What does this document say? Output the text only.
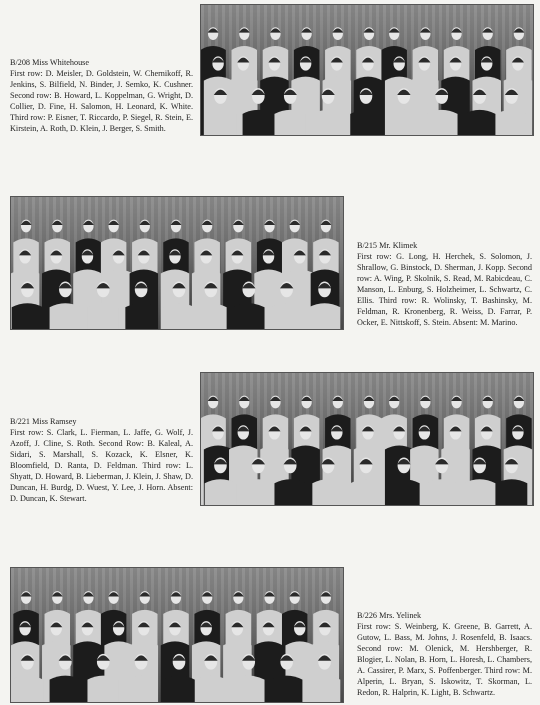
B/208 Miss Whitehouse
First row: D. Meisler, D. Goldstein, W. Chernikoff, R. Jenkins, S. Bilfield, N. Binder, J. Semko, K. Cushner. Second row: B. Howard, L. Koppelman, G. Wright, D. Collier, D. Fine, H. Salomon, H. Leonard, K. White. Third row: P. Eisner, T. Riccardo, P. Siegel, R. Stein, E. Kirstein, A. Roth, D. Klein, J. Berger, S. Smith.
B/215 Mr. Klimek
First row: G. Long, H. Herchek, S. Solomon, J. Shrallow, G. Binstock, D. Sherman, J. Kopp. Second row: A. Wing, P. Skolnik, S. Read, M. Rabicdeau, C. Manson, L. Enburg, S. Holzheimer, L. Schwartz, C. Ellis. Third row: R. Wolinsky, T. Bashinsky, M. Feldman, R. Kronenberg, R. Weiss, D. Farrar, P. Ocker, E. Nittskoff, S. Stein. Absent: M. Marino.
B/221 Miss Ramsey
First row: S. Clark, L. Fierman, L. Jaffe, G. Wolf, J. Azoff, J. Cline, S. Roth. Second Row: B. Kaleal, A. Sidari, S. Marshall, S. Kozack, K. Elsner, K. Bloomfield, D. Ranta, D. Feldman. Third row: L. Shyatt, D. Howard, B. Lieberman, J. Klein, J. Shaw, D. Duncan, H. Burdg, D. Wuest, Y. Lee, J. Horn. Absent: D. Duncan, K. Stewart.
B/226 Mrs. Yelinek
First row: S. Weinberg, K. Greene, B. Garrett, A. Gutow, L. Bass, M. Johns, J. Rosenfeld, B. Isaacs. Second row: M. Olenick, M. Hershberger, R. Blogier, L. Nolan, B. Horn, L. Horesh, L. Chambers, A. Cassirer, P. Marx, S. Poffenberger. Third row: M. Alperin, L. Bryan, S. Iskowitz, T. Skorman, L. Redon, R. Halprin, K. Light, B. Schwartz.
